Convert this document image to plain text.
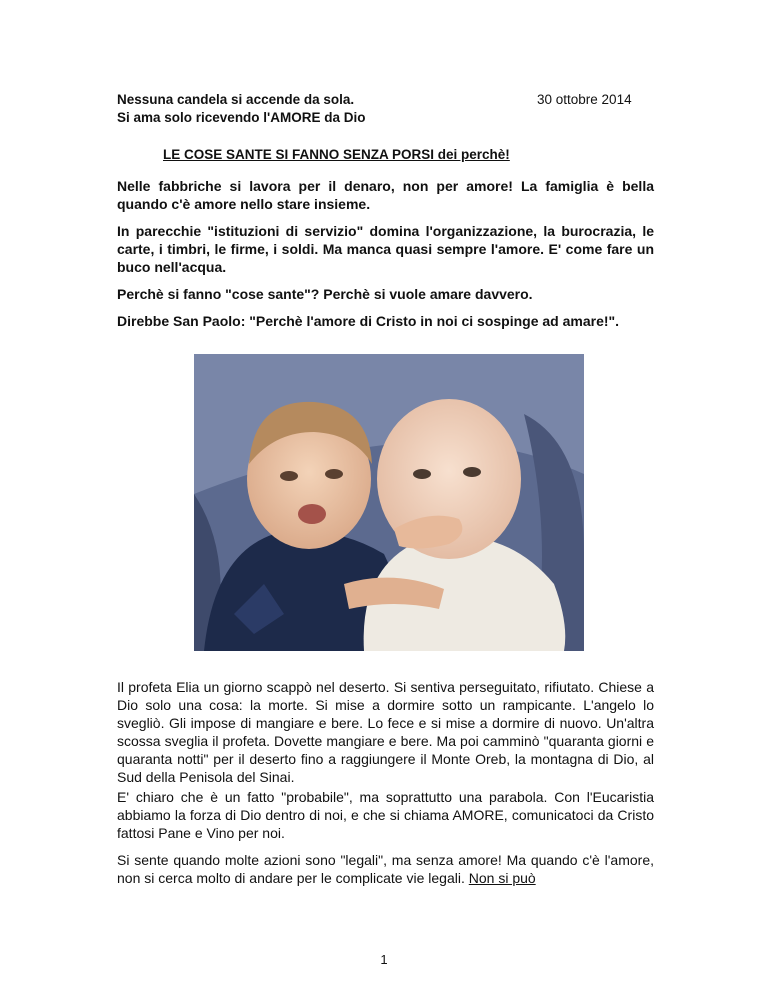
Nessuna candela si accende da sola.
Si ama solo ricevendo l'AMORE da Dio
30 ottobre 2014
LE COSE SANTE SI FANNO SENZA PORSI dei perchè!

Nelle fabbriche si lavora per il denaro, non per amore! La famiglia è bella quando c'è amore nello stare insieme.

In parecchie "istituzioni di servizio" domina l'organizzazione, la burocrazia, le carte, i timbri, le firme, i soldi. Ma manca quasi sempre l'amore. E' come fare un buco nell'acqua.

Perchè si fanno "cose sante"? Perchè si vuole amare davvero.

Direbbe San Paolo: "Perchè l'amore di Cristo in noi ci sospinge ad amare!".

Il profeta Elia un giorno scappò nel deserto. Si sentiva perseguitato, rifiutato. Chiese a Dio solo una cosa: la morte. Si mise a dormire sotto un rampicante. L'angelo lo svegliò. Gli impose di mangiare e bere. Lo fece e si mise a dormire di nuovo. Un'altra scossa sveglia il profeta. Dovette mangiare e bere. Ma poi camminò "quaranta giorni e quaranta notti" per il deserto fino a raggiungere il Monte Oreb, la montagna di Dio, al Sud della Penisola del Sinai.

E' chiaro che è un fatto "probabile", ma soprattutto una parabola. Con l'Eucaristia abbiamo la forza di Dio dentro di noi, e che si chiama AMORE, comunicatoci da Cristo fattosi Pane e Vino per noi.

Si sente quando molte azioni sono "legali", ma senza amore! Ma quando c'è l'amore, non si cerca molto di andare per le complicate vie legali. Non si può

1
